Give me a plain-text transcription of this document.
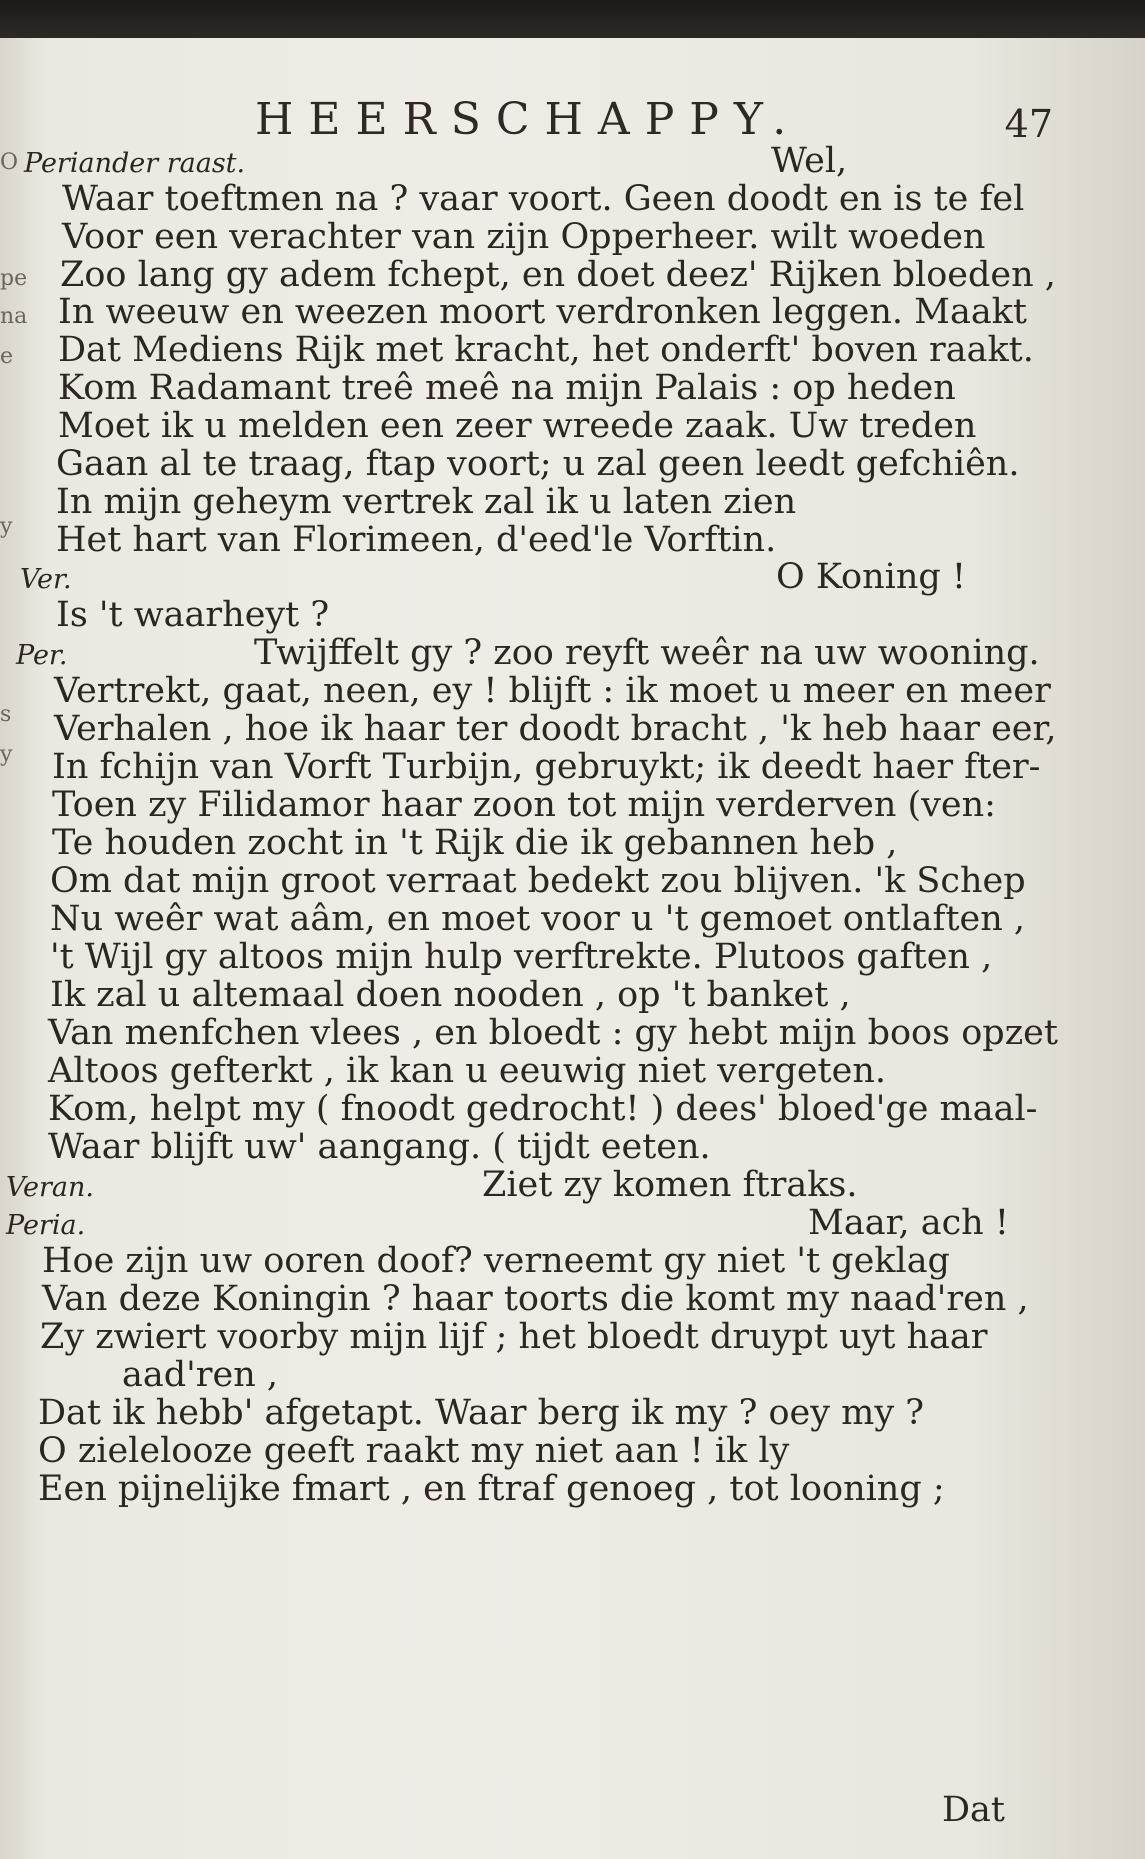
HEERSCHAPPY.	47
Periander raast.	Wel,
Waar toeftmen na ? vaar voort. Geen doodt en is te fel
Voor een verachter van zijn Opperheer. wilt woeden
Zoo lang gy adem fchept, en doet deez' Rijken bloeden ,
In weeuw en weezen moort verdronken leggen. Maakt
Dat Mediens Rijk met kracht, het onderft' boven raakt.
Kom Radamant treê meê na mijn Palais : op heden
Moet ik u melden een zeer wreede zaak. Uw treden
Gaan al te traag, ftap voort; u zal geen leedt gefchiên.
In mijn geheym vertrek zal ik u laten zien
Het hart van Florimeen, d'eed'le Vorftin.
Ver.	O Koning !
Is 't waarheyt ?
Per.	Twijffelt gy ? zoo reyft weêr na uw wooning.
Vertrekt, gaat, neen, ey ! blijft : ik moet u meer en meer
Verhalen , hoe ik haar ter doodt bracht , 'k heb haar eer,
In fchijn van Vorft Turbijn, gebruykt; ik deedt haer fter-
Toen zy Filidamor haar zoon tot mijn verderven (ven:
Te houden zocht in 't Rijk die ik gebannen heb ,
Om dat mijn groot verraat bedekt zou blijven. 'k Schep
Nu weêr wat aâm, en moet voor u 't gemoet ontlaften ,
't Wijl gy altoos mijn hulp verftrekte. Plutoos gaften ,
Ik zal u altemaal doen nooden , op 't banket ,
Van menfchen vlees , en bloedt : gy hebt mijn boos opzet
Altoos gefterkt , ik kan u eeuwig niet vergeten.
Kom, helpt my ( fnoodt gedrocht! ) dees' bloed'ge maal-
Waar blijft uw' aangang. ( tijdt eeten.
Veran.	Ziet zy komen ftraks.
Peria.	Maar, ach !
Hoe zijn uw ooren doof? verneemt gy niet 't geklag
Van deze Koningin ? haar toorts die komt my naad'ren ,
Zy zwiert voorby mijn lijf ; het bloedt druypt uyt haar
aad'ren ,
Dat ik hebb' afgetapt. Waar berg ik my ? oey my ?
O zielelooze geeft raakt my niet aan ! ik ly
Een pijnelijke fmart , en ftraf genoeg , tot looning ;
Dat
O
pe
na
e
y
s
y
